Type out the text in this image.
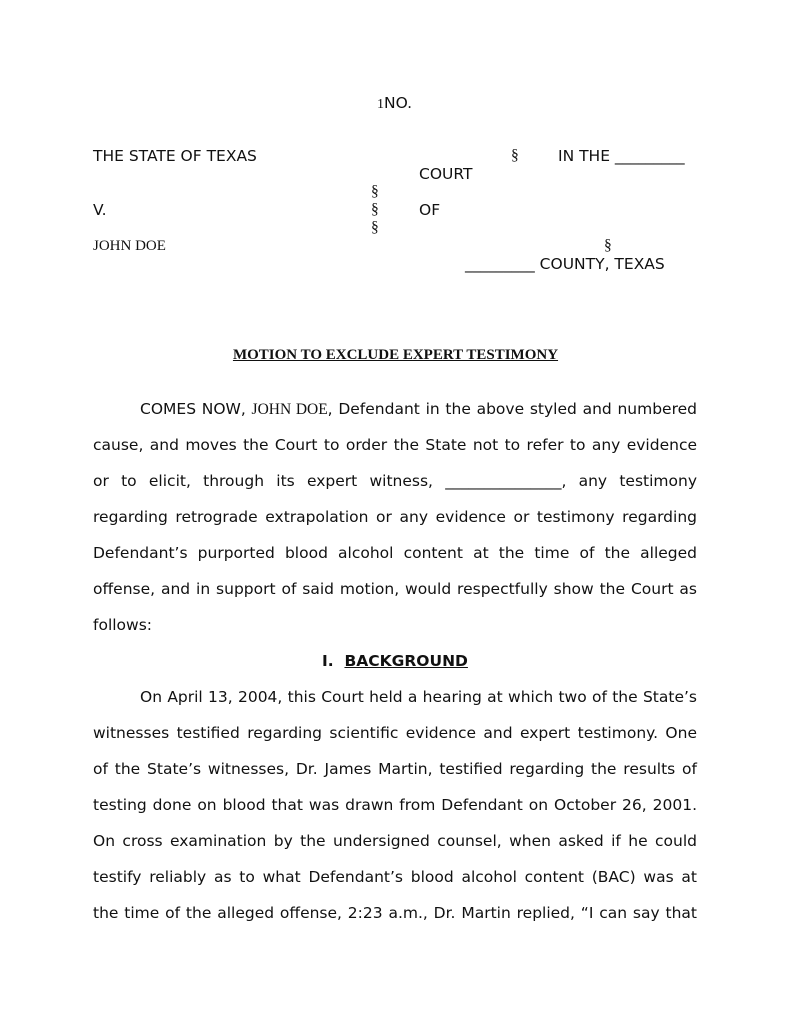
1NO.
THE STATE OF TEXAS	§	IN THE _________
COURT
§
V.	§	OF
§
JOHN DOE	§
_________ COUNTY, TEXAS
MOTION TO EXCLUDE EXPERT TESTIMONY
COMES NOW, JOHN DOE, Defendant in the above styled and numbered
cause, and moves the Court to order the State not to refer to any evidence
or to elicit, through its expert witness, _______________, any testimony
regarding retrograde extrapolation or any evidence or testimony regarding
Defendant’s purported blood alcohol content at the time of the alleged
offense, and in support of said motion, would respectfully show the Court as
follows:
I. BACKGROUND
On April 13, 2004, this Court held a hearing at which two of the State’s
witnesses testified regarding scientific evidence and expert testimony. One
of the State’s witnesses, Dr. James Martin, testified regarding the results of
testing done on blood that was drawn from Defendant on October 26, 2001.
On cross examination by the undersigned counsel, when asked if he could
testify reliably as to what Defendant’s blood alcohol content (BAC) was at
the time of the alleged offense, 2:23 a.m., Dr. Martin replied, “I can say that
